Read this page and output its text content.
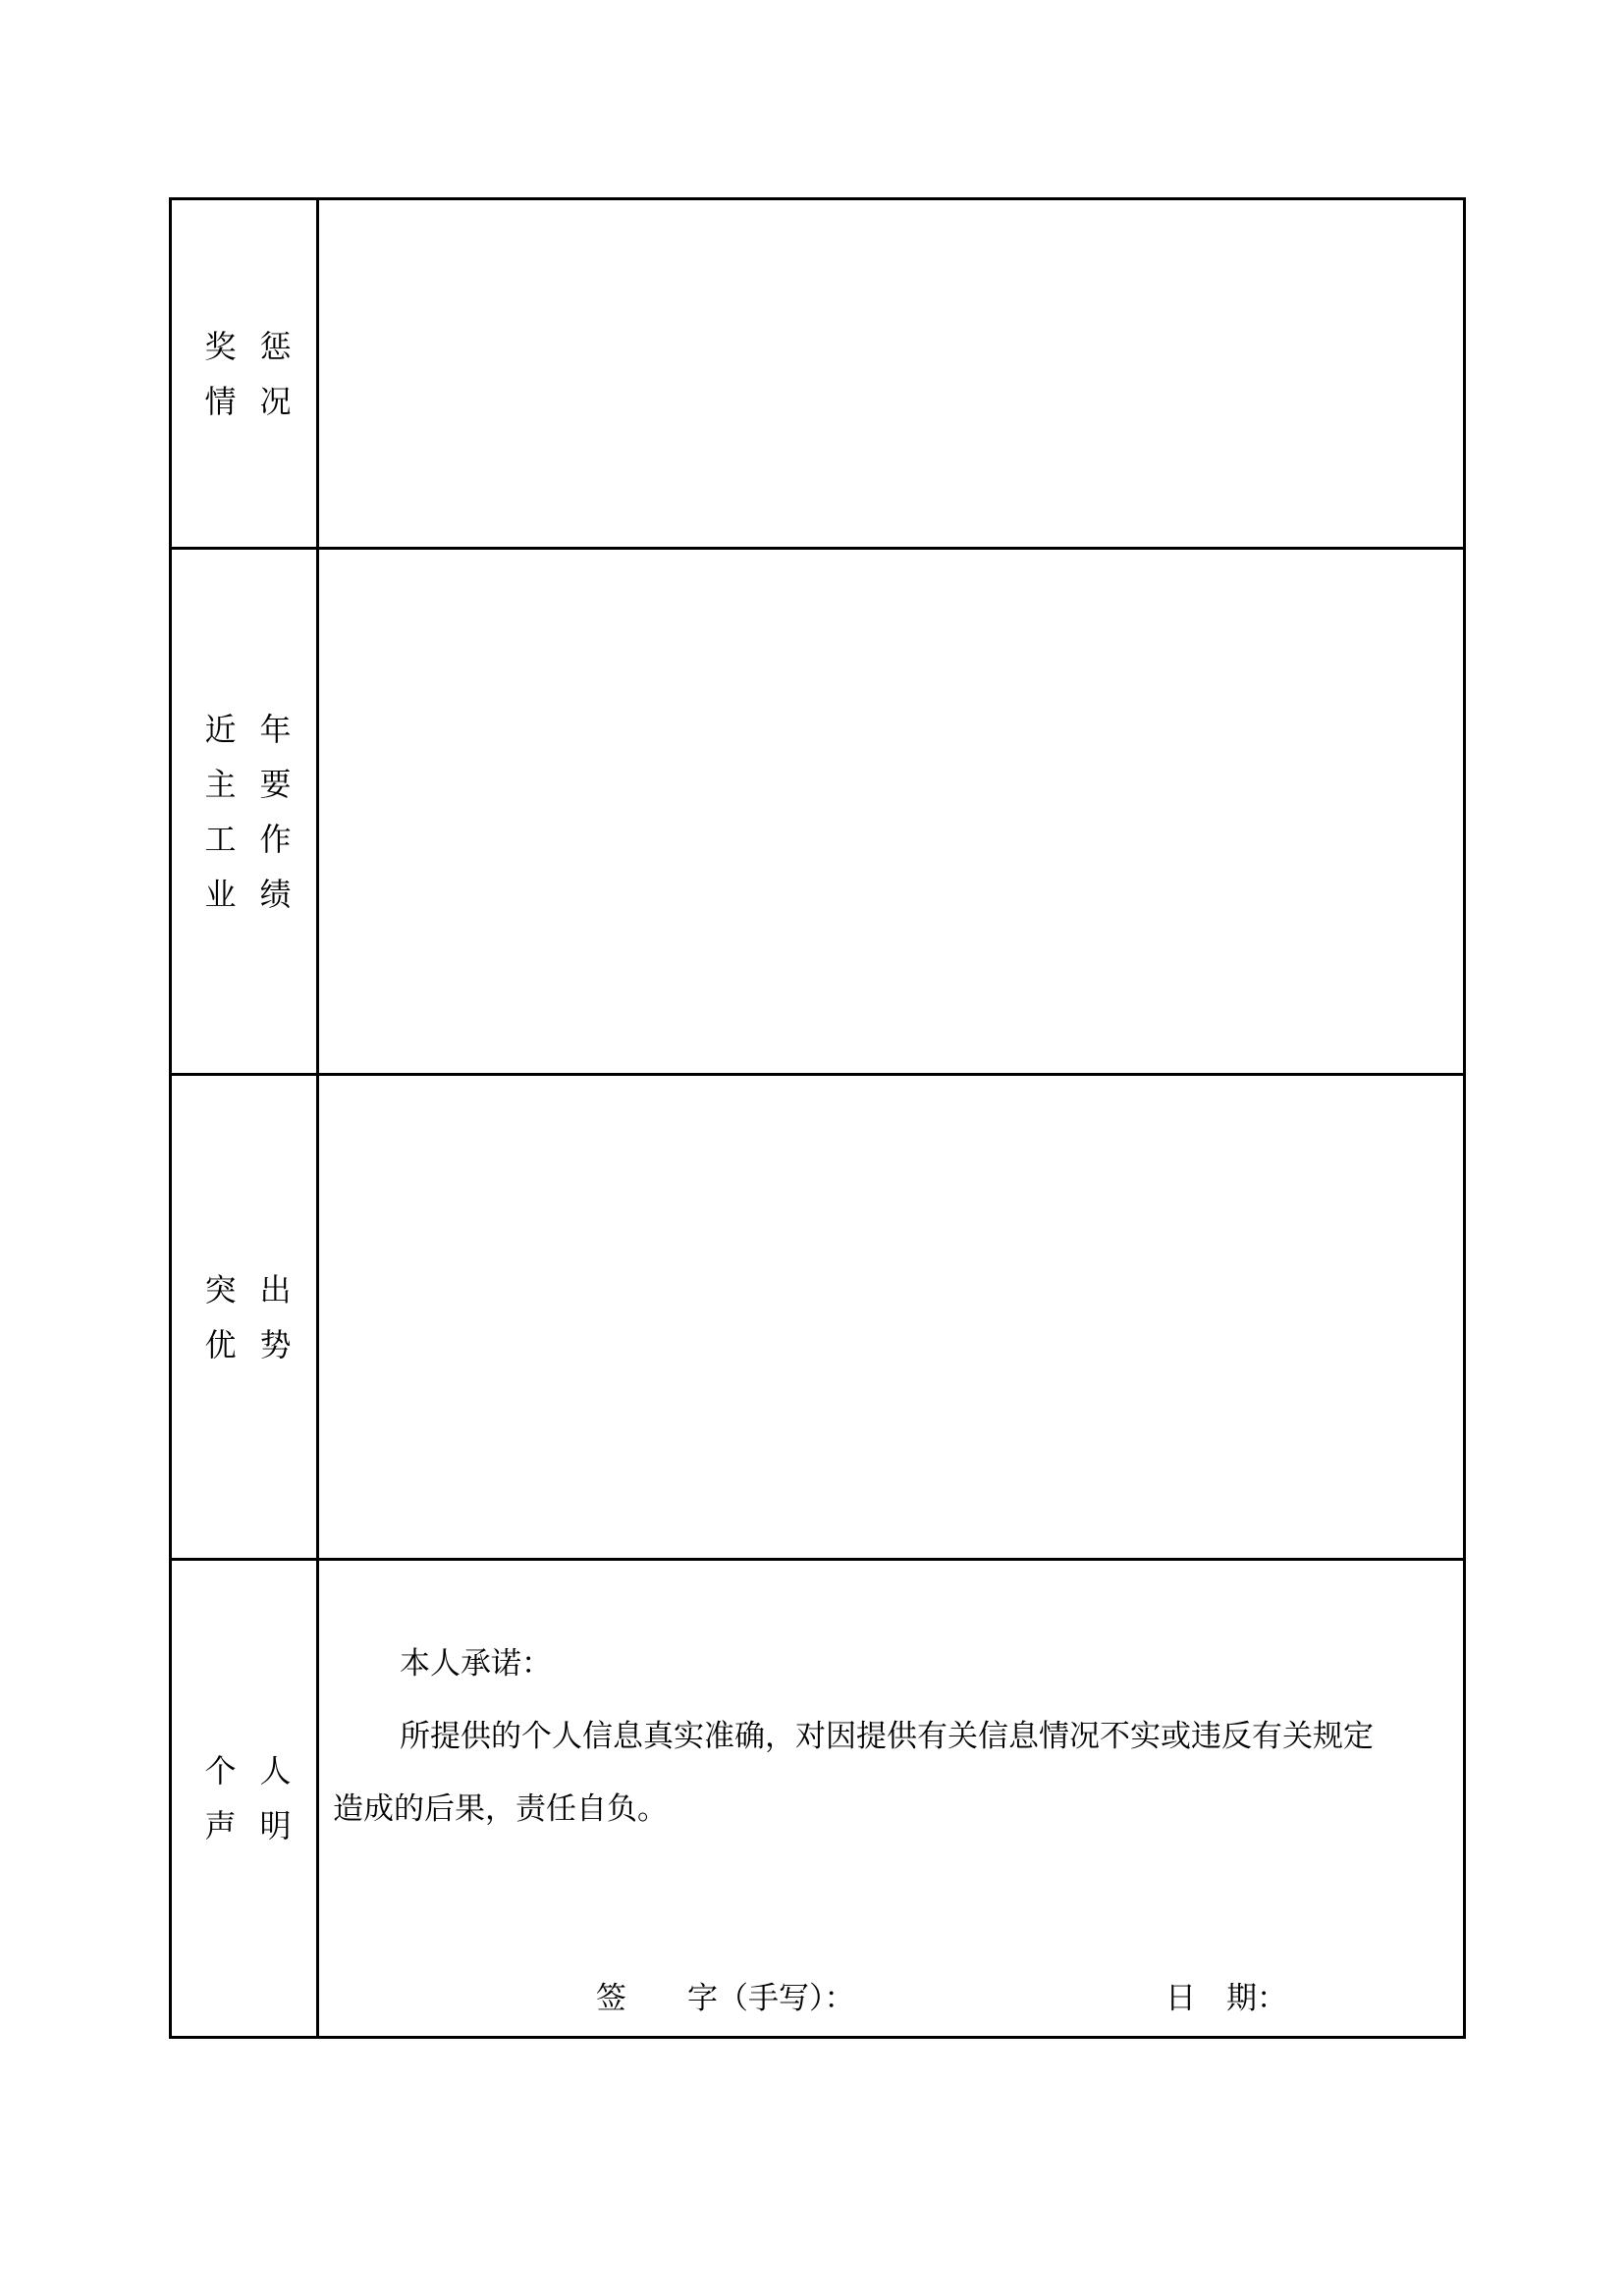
奖 惩
情 况
近 年
主 要
工 作
业 绩
突 出
优 势
个 人
声 明
本人承诺：
所提供的个人信息真实准确，对因提供有关信息情况不实或违反有关规定
造成的后果，责任自负。
签　　字（手写）：	日　期：
